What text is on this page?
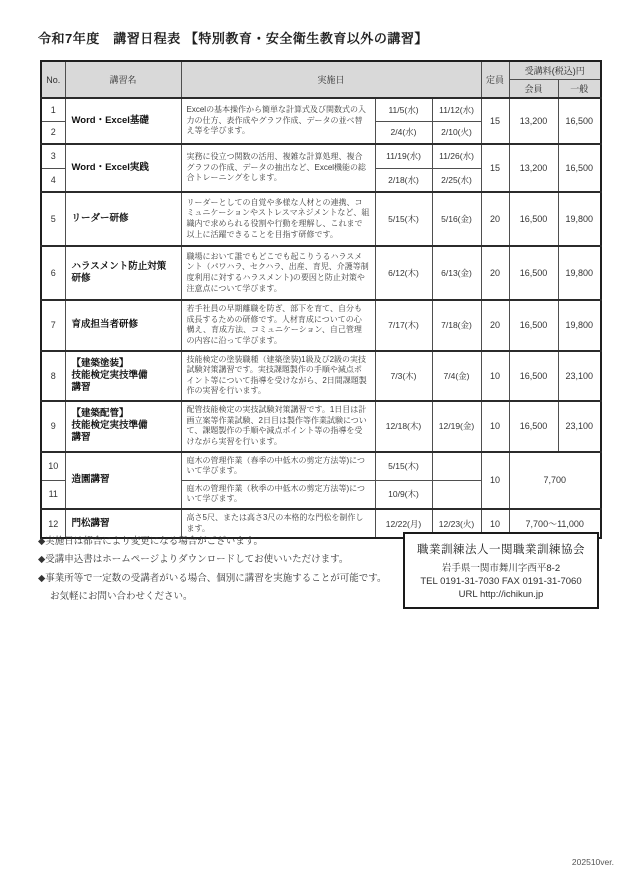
令和7年度　講習日程表 【特別教育・安全衛生教育以外の講習】
No.	講習名	実施日			定員	受講料(税込)円	
						会員	一般
1	Word・Excel基礎	Excelの基本操作から簡単な計算式及び関数式の入力の仕方、表作成やグラフ作成、データの並べ替え等を学びます。	11/5(水)	11/12(水)	15	13,200	16,500
2			2/4(水)	2/10(火)			
3	Word・Excel実践	実務に役立つ関数の活用、複雑な計算処理、複合グラフの作成、データの抽出など、Excel機能の総合トレーニングをします。	11/19(水)	11/26(水)	15	13,200	16,500
4			2/18(水)	2/25(水)			
5	リーダー研修	リーダーとしての自覚や多様な人材との連携、コミュニケーションやストレスマネジメントなど、組織内で求められる役割や行動を理解し、これまで以上に活躍できることを目指す研修です。	5/15(木)	5/16(金)	20	16,500	19,800
6	ハラスメント防止対策
研修	職場において誰でもどこでも起こりうるハラスメント（パワハラ、セクハラ、出産、育児、介護等制度利用に対するハラスメント)の要因と防止対策や注意点について学びます。	6/12(木)	6/13(金)	20	16,500	19,800
7	育成担当者研修	若手社員の早期離職を防ぎ、部下を育て、自分も成長するための研修です。人材育成についての心構え、育成方法、コミュニケーション、自己管理の内容に沿って学びます。	7/17(木)	7/18(金)	20	16,500	19,800
8	【建築塗装】
技能検定実技準備
講習	技能検定の塗装職種（建築塗装)1級及び2級の実技試験対策講習です。実技課題製作の手順や減点ポイント等について指導を受けながら、2日間課題製作の実習を行います。	7/3(木)	7/4(金)	10	16,500	23,100
9	【建築配管】
技能検定実技準備
講習	配管技能検定の実技試験対策講習です。1日目は計画立案等作業試験、2日目は製作等作業試験について、課題製作の手順や減点ポイント等の指導を受けながら実習を行います。	12/18(木)	12/19(金)	10	16,500	23,100
10	造園講習	庭木の管理作業（春季の中低木の剪定方法等)について学びます。	5/15(木)		10	7,700	
11		庭木の管理作業（秋季の中低木の剪定方法等)について学びます。	10/9(木)				
12	門松講習	高さ5尺、または高さ3尺の本格的な門松を制作します。	12/22(月)	12/23(火)	10	7,700～11,000	
◆実施日は都合により変更になる場合がございます。
◆受講申込書はホームページよりダウンロードしてお使いいただけます。
◆事業所等で一定数の受講者がいる場合、個別に講習を実施することが可能です。
お気軽にお問い合わせください。
職業訓練法人一関職業訓練協会
岩手県一関市舞川字西平8-2
TEL 0191-31-7030 FAX 0191-31-7060
URL http://ichikun.jp
202510ver.
